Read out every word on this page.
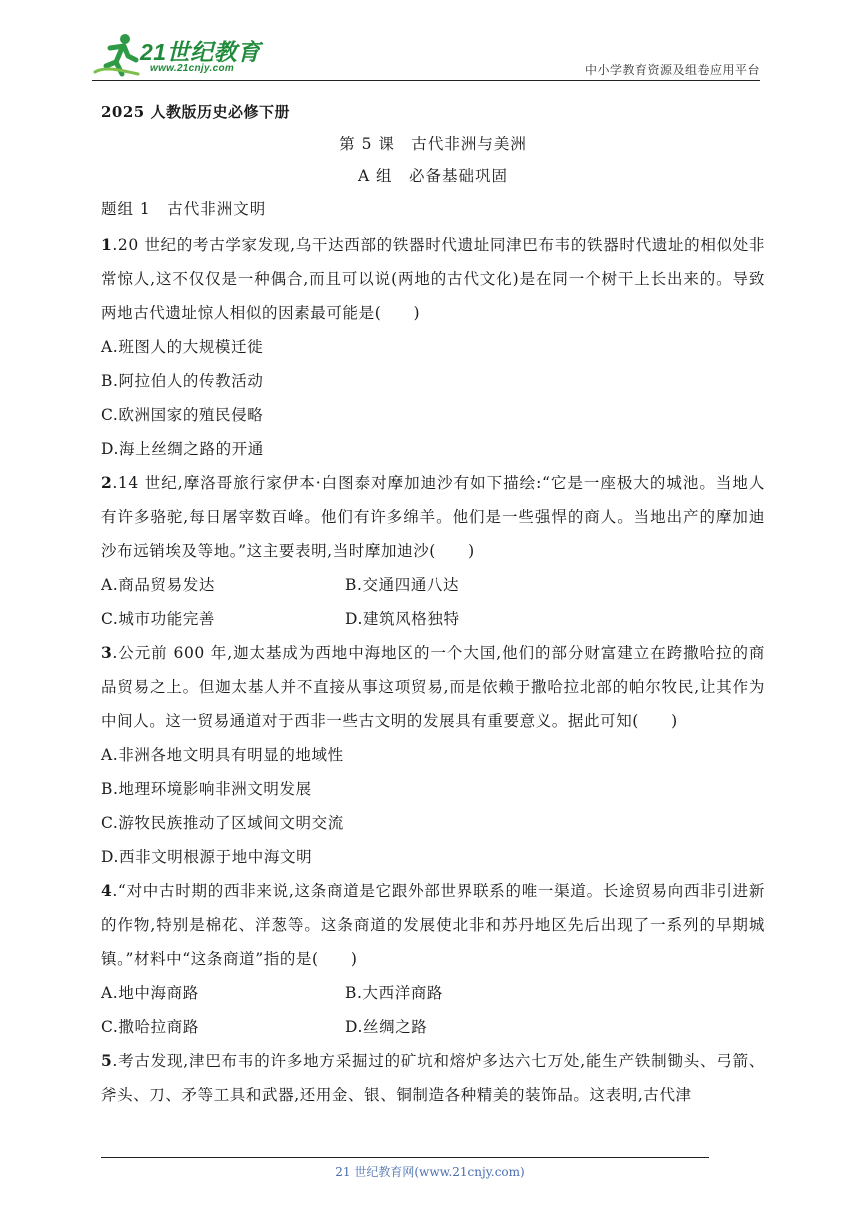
21世纪教育
www.21cnjy.com	中小学教育资源及组卷应用平台
2025 人教版历史必修下册
第 5 课　古代非洲与美洲
A 组　必备基础巩固
题组 1　古代非洲文明
1.20 世纪的考古学家发现,乌干达西部的铁器时代遗址同津巴布韦的铁器时代遗址的相似处非常惊人,这不仅仅是一种偶合,而且可以说(两地的古代文化)是在同一个树干上长出来的。导致两地古代遗址惊人相似的因素最可能是(　　)
A.班图人的大规模迁徙
B.阿拉伯人的传教活动
C.欧洲国家的殖民侵略
D.海上丝绸之路的开通
2.14 世纪,摩洛哥旅行家伊本·白图泰对摩加迪沙有如下描绘:“它是一座极大的城池。当地人有许多骆驼,每日屠宰数百峰。他们有许多绵羊。他们是一些强悍的商人。当地出产的摩加迪沙布远销埃及等地。”这主要表明,当时摩加迪沙(　　)
A.商品贸易发达	B.交通四通八达
C.城市功能完善	D.建筑风格独特
3.公元前 600 年,迦太基成为西地中海地区的一个大国,他们的部分财富建立在跨撒哈拉的商品贸易之上。但迦太基人并不直接从事这项贸易,而是依赖于撒哈拉北部的帕尔牧民,让其作为中间人。这一贸易通道对于西非一些古文明的发展具有重要意义。据此可知(　　)
A.非洲各地文明具有明显的地域性
B.地理环境影响非洲文明发展
C.游牧民族推动了区域间文明交流
D.西非文明根源于地中海文明
4.“对中古时期的西非来说,这条商道是它跟外部世界联系的唯一渠道。长途贸易向西非引进新的作物,特别是棉花、洋葱等。这条商道的发展使北非和苏丹地区先后出现了一系列的早期城镇。”材料中“这条商道”指的是(　　)
A.地中海商路	B.大西洋商路
C.撒哈拉商路	D.丝绸之路
5.考古发现,津巴布韦的许多地方采掘过的矿坑和熔炉多达六七万处,能生产铁制锄头、弓箭、斧头、刀、矛等工具和武器,还用金、银、铜制造各种精美的装饰品。这表明,古代津
21 世纪教育网(www.21cnjy.com)
